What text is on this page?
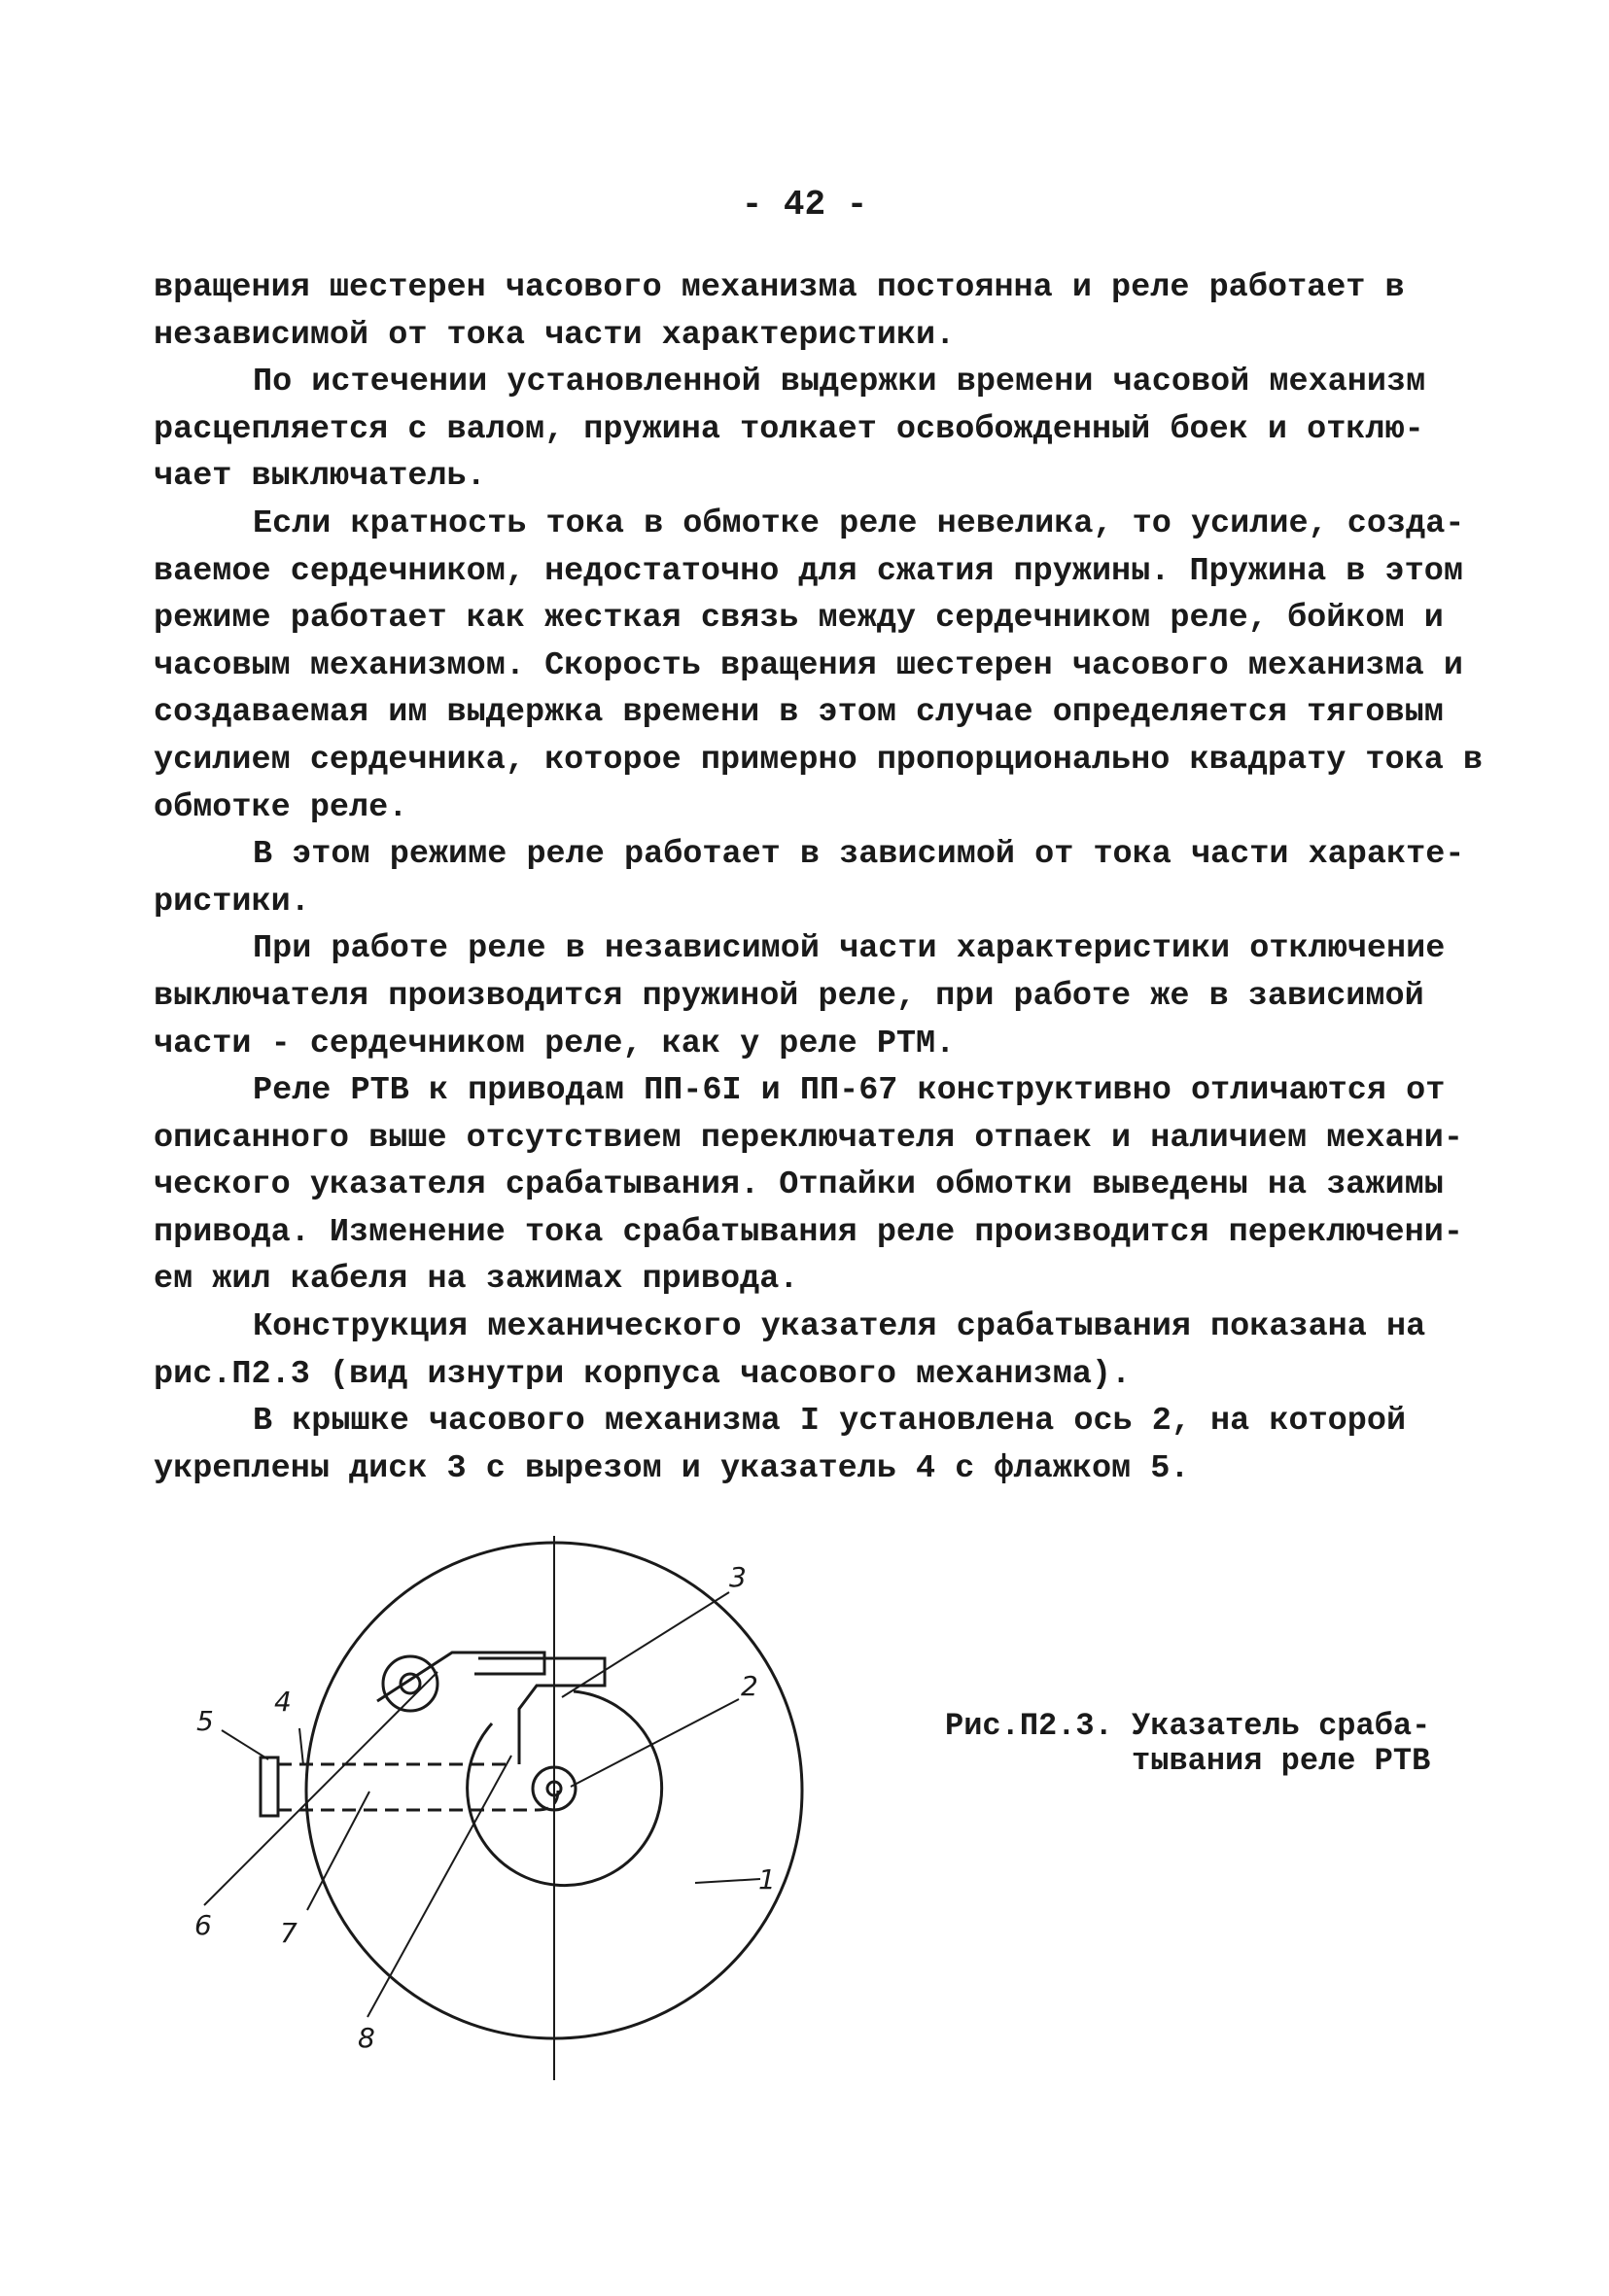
- 42 -

вращения шестерен часового механизма постоянна и реле работает в
независимой от тока части характеристики.

По истечении установленной выдержки времени часовой механизм
расцепляется с валом, пружина толкает освобожденный боек и отклю-
чает выключатель.

Если кратность тока в обмотке реле невелика, то усилие, созда-
ваемое сердечником, недостаточно для сжатия пружины. Пружина в этом
режиме работает как жесткая связь между сердечником реле, бойком и
часовым механизмом. Скорость вращения шестерен часового механизма и
создаваемая им выдержка времени в этом случае определяется тяговым
усилием сердечника, которое примерно пропорционально квадрату тока в
обмотке реле.

В этом режиме реле работает в зависимой от тока части характе-
ристики.

При работе реле в независимой части характеристики отключение
выключателя производится пружиной реле, при работе же в зависимой
части - сердечником реле, как у реле РТМ.

Реле РТВ к приводам ПП-6I и ПП-67 конструктивно отличаются от
описанного выше отсутствием переключателя отпаек и наличием механи-
ческого указателя срабатывания. Отпайки обмотки выведены на зажимы
привода. Изменение тока срабатывания реле производится переключени-
ем жил кабеля на зажимах привода.

Конструкция механического указателя срабатывания показана на
рис.П2.3 (вид изнутри корпуса часового механизма).

В крышке часового механизма I установлена ось 2, на которой
укреплены диск 3 с вырезом и указатель 4 с флажком 5.

1
2
3
4
5
6	7
8
Рис.П2.3. Указатель сраба-
тывания реле РТВ
